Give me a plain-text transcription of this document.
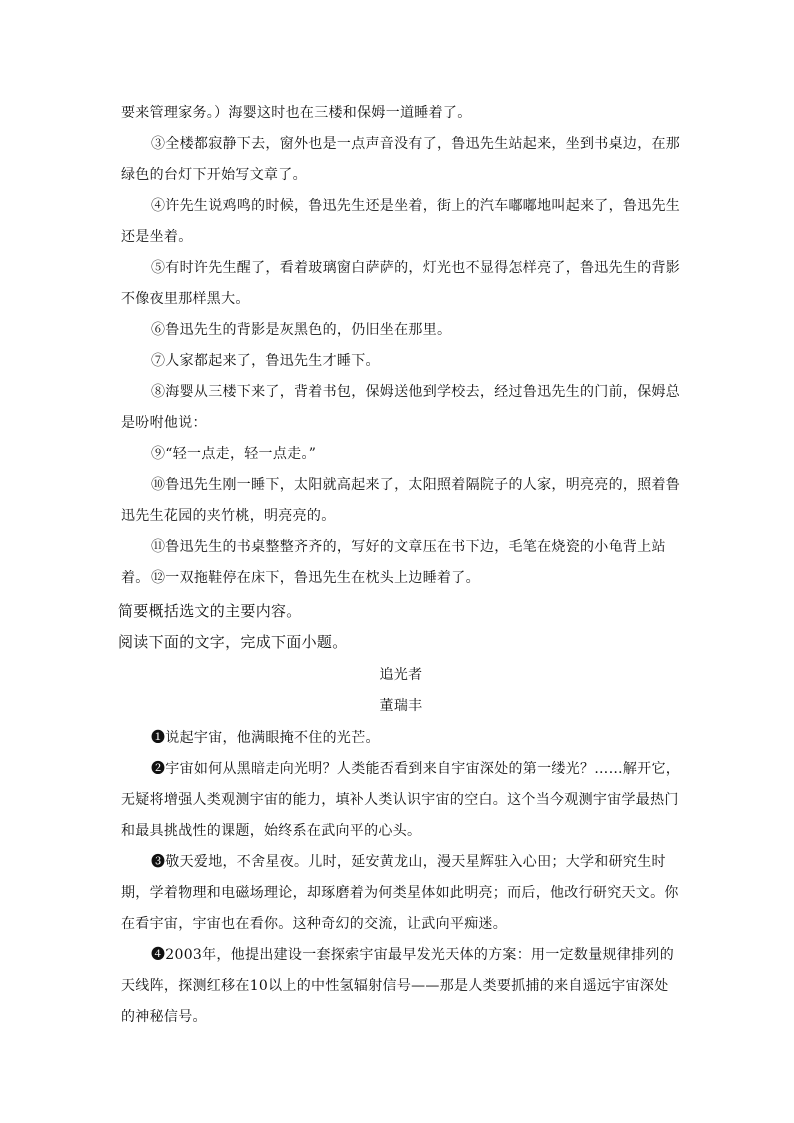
要来管理家务。）海婴这时也在三楼和保姆一道睡着了。
③全楼都寂静下去，窗外也是一点声音没有了，鲁迅先生站起来，坐到书桌边，在那绿色的台灯下开始写文章了。
④许先生说鸡鸣的时候，鲁迅先生还是坐着，街上的汽车嘟嘟地叫起来了，鲁迅先生还是坐着。
⑤有时许先生醒了，看着玻璃窗白萨萨的，灯光也不显得怎样亮了，鲁迅先生的背影不像夜里那样黑大。
⑥鲁迅先生的背影是灰黑色的，仍旧坐在那里。
⑦人家都起来了，鲁迅先生才睡下。
⑧海婴从三楼下来了，背着书包，保姆送他到学校去，经过鲁迅先生的门前，保姆总是吩咐他说：
⑨“轻一点走，轻一点走。”
⑩鲁迅先生刚一睡下，太阳就高起来了，太阳照着隔院子的人家，明亮亮的，照着鲁迅先生花园的夹竹桃，明亮亮的。
⑪鲁迅先生的书桌整整齐齐的，写好的文章压在书下边，毛笔在烧瓷的小龟背上站着。 ⑫一双拖鞋停在床下，鲁迅先生在枕头上边睡着了。
简要概括选文的主要内容。
阅读下面的文字，完成下面小题。
追光者
董瑞丰
❶说起宇宙，他满眼掩不住的光芒。
❷宇宙如何从黑暗走向光明？人类能否看到来自宇宙深处的第一缕光？……解开它，无疑将增强人类观测宇宙的能力，填补人类认识宇宙的空白。这个当今观测宇宙学最热门和最具挑战性的课题，始终系在武向平的心头。
❸敬天爱地，不舍星夜。儿时，延安黄龙山，漫天星辉驻入心田；大学和研究生时期，学着物理和电磁场理论，却琢磨着为何类星体如此明亮；而后，他改行研究天文。你在看宇宙，宇宙也在看你。这种奇幻的交流，让武向平痴迷。
❹2003年，他提出建设一套探索宇宙最早发光天体的方案：用一定数量规律排列的天线阵，探测红移在10以上的中性氢辐射信号——那是人类要抓捕的来自遥远宇宙深处的神秘信号。
